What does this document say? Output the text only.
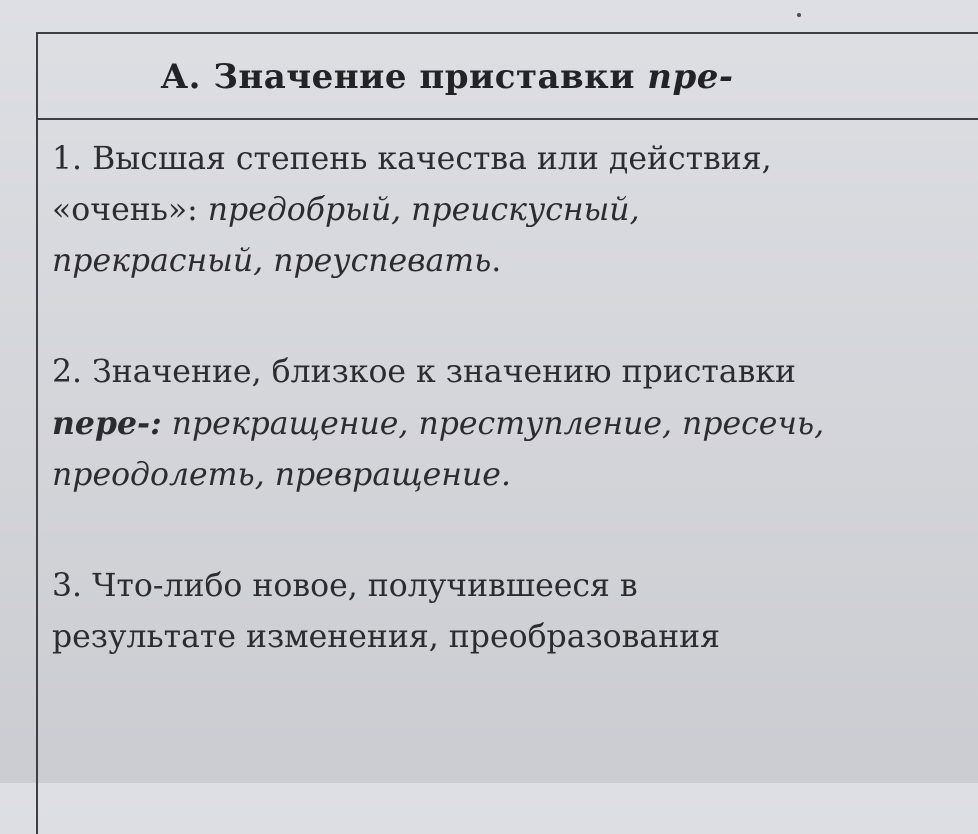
А. Значение приставки пре-
1. Высшая степень качества или действия,
«очень»: предобрый, преискусный,
прекрасный, преуспевать.
2. Значение, близкое к значению приставки
пере-: прекращение, преступление, пресечь,
преодолеть, превращение.
3. Что-либо новое, получившееся в
результате изменения, преобразования
